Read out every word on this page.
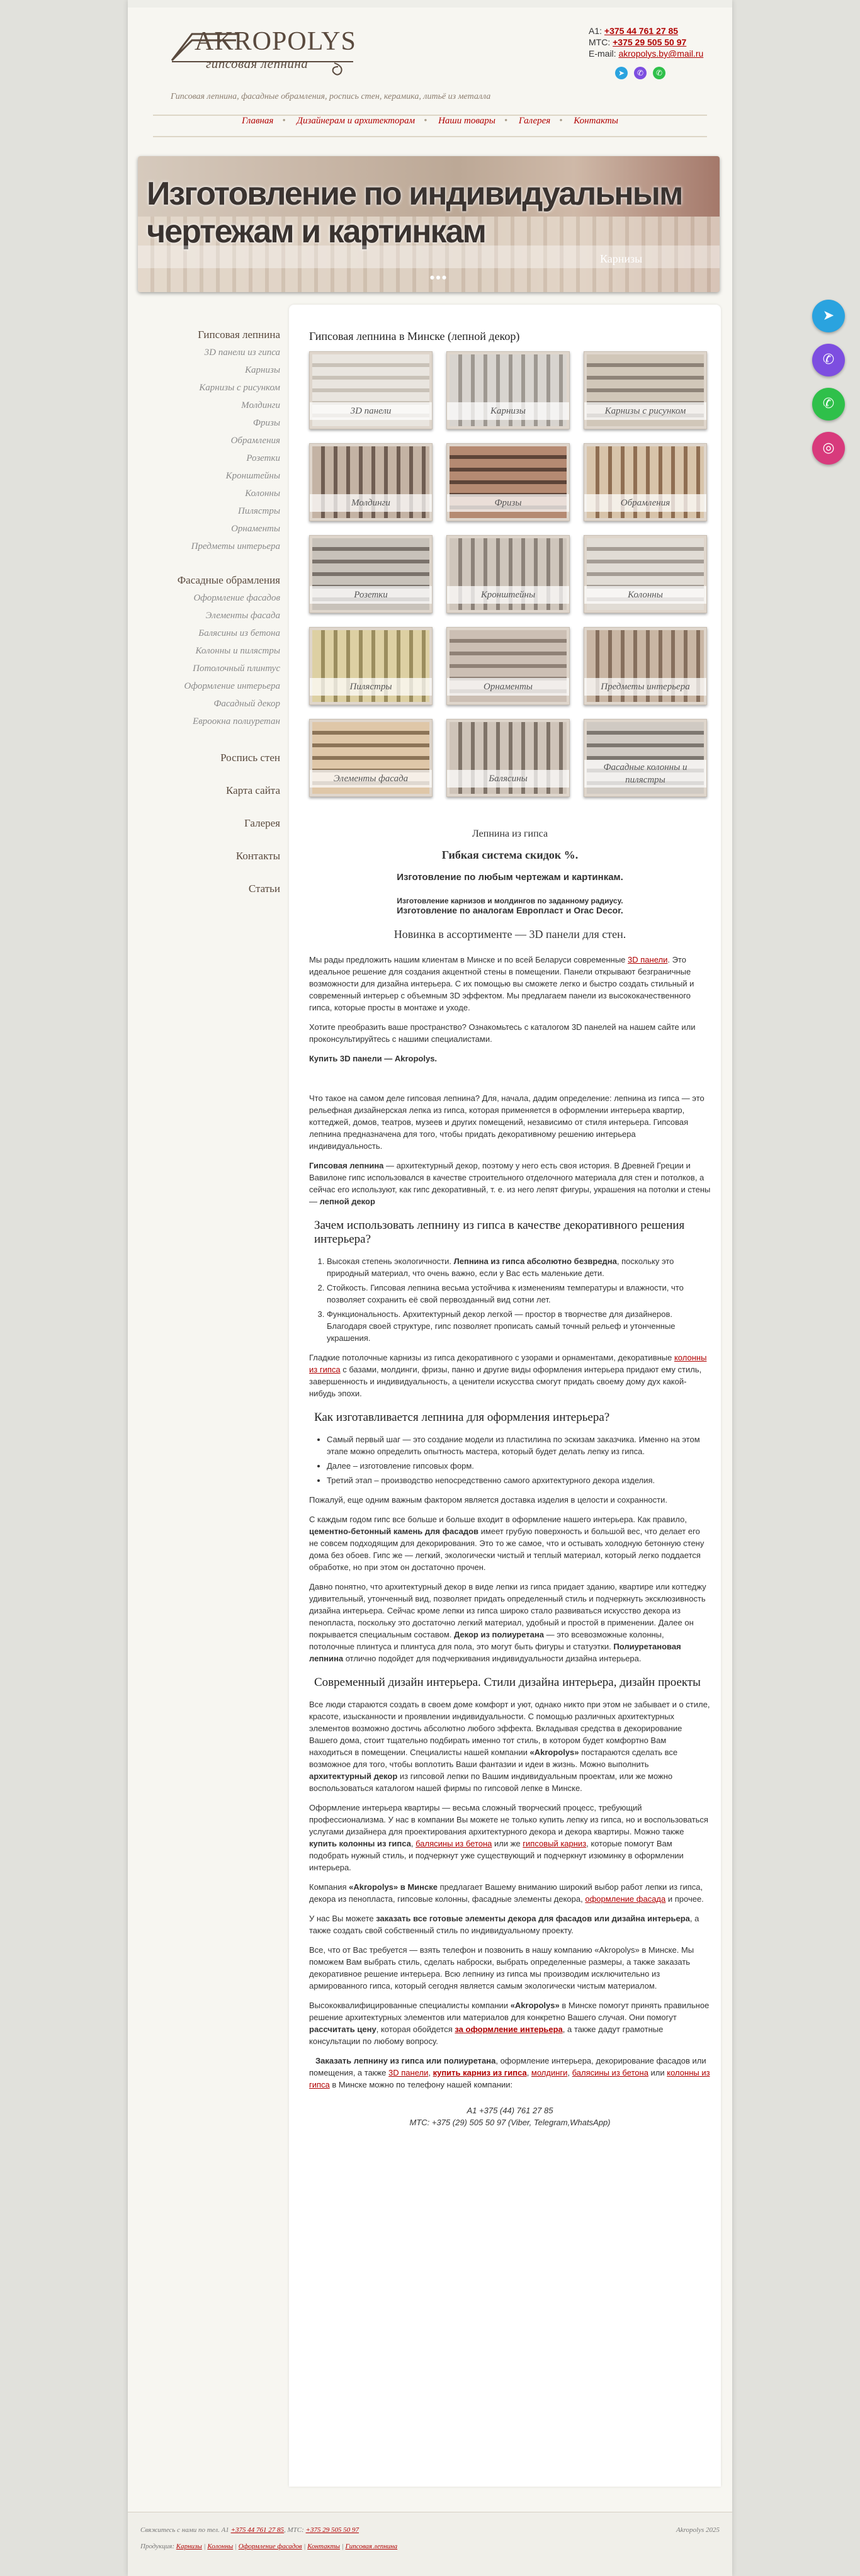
AKROPOLYS
гипсовая лепнина
Гипсовая лепнина, фасадные обрамления, роспись стен, керамика, литьё из металла
A1: +375 44 761 27 85
МТС: +375 29 505 50 97
E-mail: akropolys.by@mail.ru
➤ ✆ ✆
Главная • Дизайнерам и архитекторам • Наши товары • Галерея • Контакты
Изготовление по индивидуальным чертежам и картинкам
Карнизы
● ● ●
Гипсовая лепнина
3D панели из гипса
Карнизы
Карнизы с рисунком
Молдинги
Фризы
Обрамления
Розетки
Кронштейны
Колонны
Пилястры
Орнаменты
Предметы интерьера
Фасадные обрамления
Оформление фасадов
Элементы фасада
Балясины из бетона
Колонны и пилястры
Потолочный плинтус
Оформление интерьера
Фасадный декор
Евроокна полиуретан
Роспись стен
Карта сайта
Галерея
Контакты
Статьи
Гипсовая лепнина в Минске (лепной декор)
3D панели	Карнизы	Карнизы с рисунком
Молдинги	Фризы	Обрамления
Розетки	Кронштейны	Колонны
Пилястры	Орнаменты	Предметы интерьера
Элементы фасада	Балясины
Фасадные колонны и пилястры

Лепнина из гипса

Гибкая система скидок %.

Изготовление по любым чертежам и картинкам.

Изготовление карнизов и молдингов по заданному радиусу.

Изготовление по аналогам Европласт и Orac Decor.

Новинка в ассортименте — 3D панели для стен.

Мы рады предложить нашим клиентам в Минске и по всей Беларуси современные 3D панели. Это идеальное решение для создания акцентной стены в помещении. Панели открывают безграничные возможности для дизайна интерьера. С их помощью вы сможете легко и быстро создать стильный и современный интерьер с объемным 3D эффектом. Мы предлагаем панели из высококачественного гипса, которые просты в монтаже и уходе.

Хотите преобразить ваше пространство? Ознакомьтесь с каталогом 3D панелей на нашем сайте или проконсультируйтесь с нашими специалистами.

Купить 3D панели — Akropolys.

Что такое на самом деле гипсовая лепнина? Для, начала, дадим определение: лепнина из гипса — это рельефная дизайнерская лепка из гипса, которая применяется в оформлении интерьера квартир, коттеджей, домов, театров, музеев и других помещений, независимо от стиля интерьера. Гипсовая лепнина предназначена для того, чтобы придать декоративному решению интерьера индивидуальность.

Гипсовая лепнина — архитектурный декор, поэтому у него есть своя история. В Древней Греции и Вавилоне гипс использовался в качестве строительного отделочного материала для стен и потолков, а сейчас его используют, как гипс декоративный, т. е. из него лепят фигуры, украшения на потолки и стены — лепной декор

Зачем использовать лепнину из гипса в качестве декоративного решения интерьера?
1. Высокая степень экологичности. Лепнина из гипса абсолютно безвредна, поскольку это природный материал, что очень важно, если у Вас есть маленькие дети.
2. Стойкость. Гипсовая лепнина весьма устойчива к изменениям температуры и влажности, что позволяет сохранить её свой первозданный вид сотни лет.
3. Функциональность. Архитектурный декор легкой — простор в творчестве для дизайнеров. Благодаря своей структуре, гипс позволяет прописать самый точный рельеф и утонченные украшения.

Гладкие потолочные карнизы из гипса декоративного с узорами и орнаментами, декоративные колонны из гипса с базами, молдинги, фризы, панно и другие виды оформления интерьера придают ему стиль, завершенность и индивидуальность, а ценители искусства смогут придать своему дому дух какой-нибудь эпохи.

Как изготавливается лепнина для оформления интерьера?
• Самый первый шаг — это создание модели из пластилина по эскизам заказчика. Именно на этом этапе можно определить опытность мастера, который будет делать лепку из гипса.
• Далее – изготовление гипсовых форм.
• Третий этап – производство непосредственно самого архитектурного декора изделия.

Пожалуй, еще одним важным фактором является доставка изделия в целости и сохранности.

С каждым годом гипс все больше и больше входит в оформление нашего интерьера. Как правило, цементно-бетонный камень для фасадов имеет грубую поверхность и большой вес, что делает его не совсем подходящим для декорирования. Это то же самое, что и остывать холодную бетонную стену дома без обоев. Гипс же — легкий, экологически чистый и теплый материал, который легко поддается обработке, но при этом он достаточно прочен.

Давно понятно, что архитектурный декор в виде лепки из гипса придает зданию, квартире или коттеджу удивительный, утонченный вид, позволяет придать определенный стиль и подчеркнуть эксклюзивность дизайна интерьера. Сейчас кроме лепки из гипса широко стало развиваться искусство декора из пенопласта, поскольку это достаточно легкий материал, удобный и простой в применении. Далее он покрывается специальным составом. Декор из полиуретана — это всевозможные колонны, потолочные плинтуса и плинтуса для пола, это могут быть фигуры и статуэтки. Полиуретановая лепнина отлично подойдет для подчеркивания индивидуальности дизайна интерьера.

Современный дизайн интерьера. Стили дизайна интерьера, дизайн проекты

Все люди стараются создать в своем доме комфорт и уют, однако никто при этом не забывает и о стиле, красоте, изысканности и проявлении индивидуальности. С помощью различных архитектурных элементов возможно достичь абсолютно любого эффекта. Вкладывая средства в декорирование Вашего дома, стоит тщательно подбирать именно тот стиль, в котором будет комфортно Вам находиться в помещении. Специалисты нашей компании «Akropolys» постараются сделать все возможное для того, чтобы воплотить Ваши фантазии и идеи в жизнь. Можно выполнить архитектурный декор из гипсовой лепки по Вашим индивидуальным проектам, или же можно воспользоваться каталогом нашей фирмы по гипсовой лепке в Минске.

Оформление интерьера квартиры — весьма сложный творческий процесс, требующий профессионализма. У нас в компании Вы можете не только купить лепку из гипса, но и воспользоваться услугами дизайнера для проектирования архитектурного декора и декора квартиры. Можно также купить колонны из гипса, балясины из бетона или же гипсовый карниз, которые помогут Вам подобрать нужный стиль, и подчеркнут уже существующий и подчеркнут изюминку в оформлении интерьера.

Компания «Akropolys» в Минске предлагает Вашему вниманию широкий выбор работ лепки из гипса, декора из пенопласта, гипсовые колонны, фасадные элементы декора, оформление фасада и прочее.

У нас Вы можете заказать все готовые элементы декора для фасадов или дизайна интерьера, а также создать свой собственный стиль по индивидуальному проекту.

Все, что от Вас требуется — взять телефон и позвонить в нашу компанию «Akropolys» в Минске. Мы поможем Вам выбрать стиль, сделать наброски, выбрать определенные размеры, а также заказать декоративное решение интерьера. Всю лепнину из гипса мы производим исключительно из армированного гипса, который сегодня является самым экологически чистым материалом.

Высококвалифицированные специалисты компании «Akropolys» в Минске помогут принять правильное решение архитектурных элементов или материалов для конкретно Вашего случая. Они помогут рассчитать цену, которая обойдется за оформление интерьера, а также дадут грамотные консультации по любому вопросу.

Заказать лепнину из гипса или полиуретана, оформление интерьера, декорирование фасадов или помещения, а также 3D панели, купить карниз из гипса, молдинги, балясины из бетона или колонны из гипса в Минске можно по телефону нашей компании:

A1 +375 (44) 761 27 85

МТС: +375 (29) 505 50 97 (Viber, Telegram,WhatsApp)

Свяжитесь с нами по тел. A1 +375 44 761 27 85, МТС: +375 29 505 50 97
Продукция: Карнизы | Колонны | Оформление фасадов | Контакты | Гипсовая лепнина
Akropolys 2025
➤
✆
✆
◎
